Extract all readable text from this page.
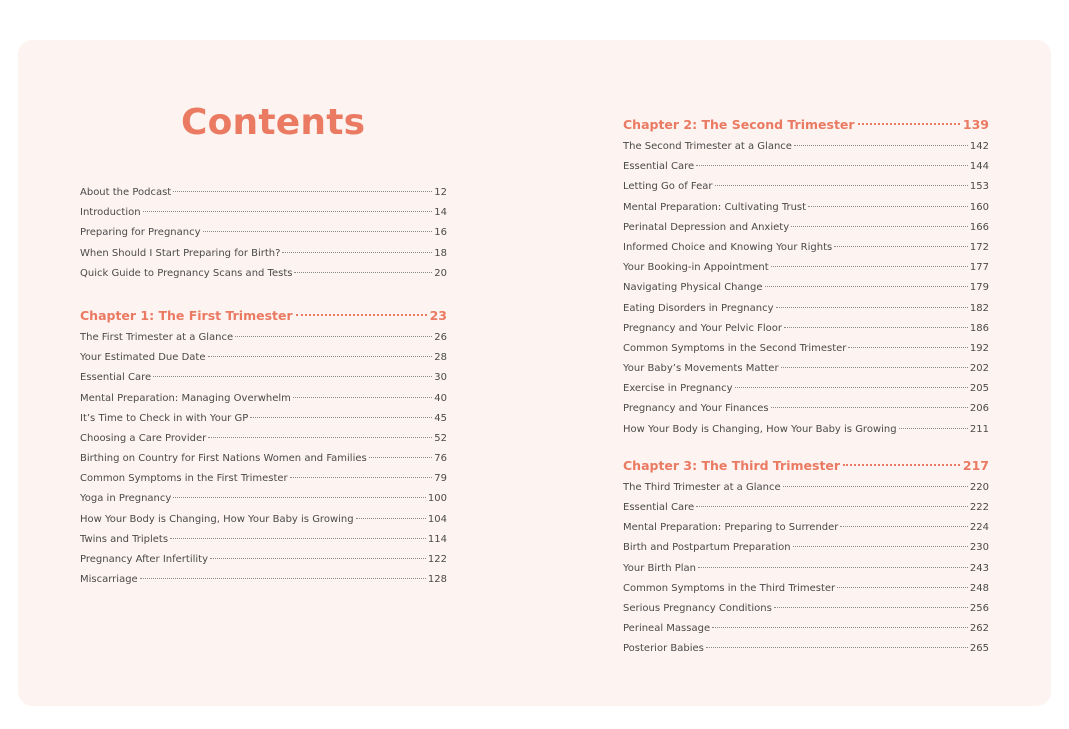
Contents
About the Podcast	12
Introduction	14
Preparing for Pregnancy	16
When Should I Start Preparing for Birth?	18
Quick Guide to Pregnancy Scans and Tests	20
Chapter 1: The First Trimester	23
The First Trimester at a Glance	26
Your Estimated Due Date	28
Essential Care	30
Mental Preparation: Managing Overwhelm	40
It’s Time to Check in with Your GP	45
Choosing a Care Provider	52
Birthing on Country for First Nations Women and Families	76
Common Symptoms in the First Trimester	79
Yoga in Pregnancy	100
How Your Body is Changing, How Your Baby is Growing	104
Twins and Triplets	114
Pregnancy After Infertility	122
Miscarriage	128
Chapter 2: The Second Trimester	139
The Second Trimester at a Glance	142
Essential Care	144
Letting Go of Fear	153
Mental Preparation: Cultivating Trust	160
Perinatal Depression and Anxiety	166
Informed Choice and Knowing Your Rights	172
Your Booking-in Appointment	177
Navigating Physical Change	179
Eating Disorders in Pregnancy	182
Pregnancy and Your Pelvic Floor	186
Common Symptoms in the Second Trimester	192
Your Baby’s Movements Matter	202
Exercise in Pregnancy	205
Pregnancy and Your Finances	206
How Your Body is Changing, How Your Baby is Growing	211
Chapter 3: The Third Trimester	217
The Third Trimester at a Glance	220
Essential Care	222
Mental Preparation: Preparing to Surrender	224
Birth and Postpartum Preparation	230
Your Birth Plan	243
Common Symptoms in the Third Trimester	248
Serious Pregnancy Conditions	256
Perineal Massage	262
Posterior Babies	265
